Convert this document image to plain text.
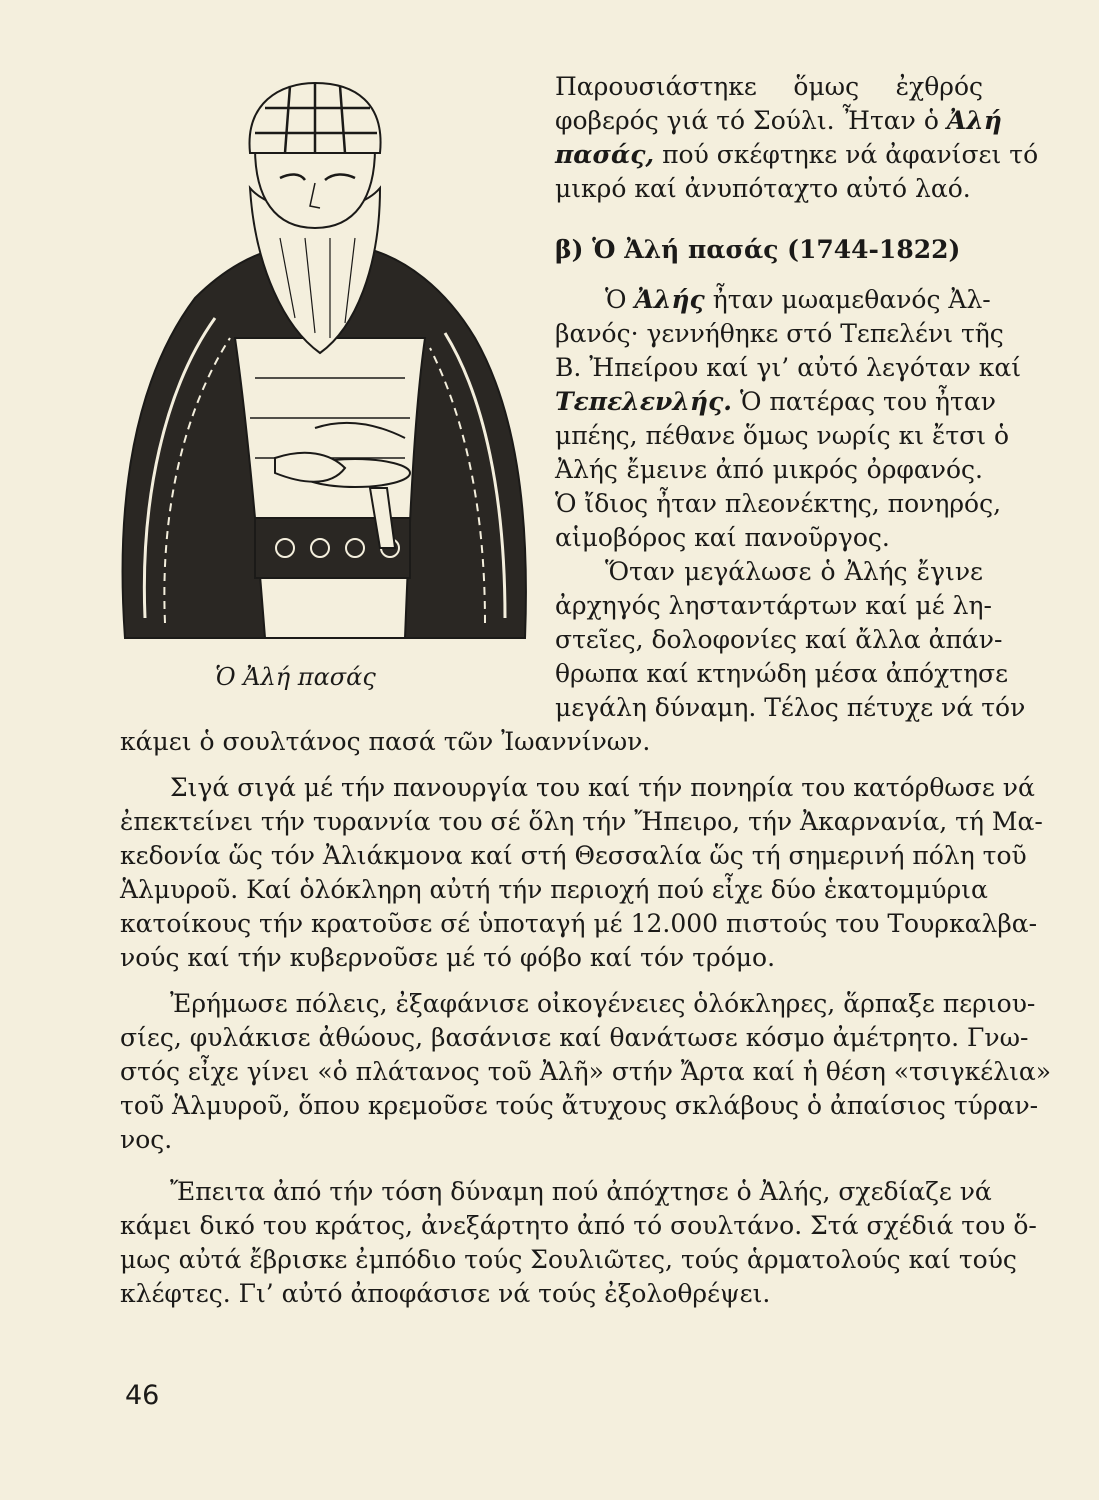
Ὁ Ἀλή πασάς

Παρουσιάστηκε ὅμως ἐχθρός

φοβερός γιά τό Σούλι. Ἦταν ὁ Ἀλή

πασάς, πού σκέφτηκε νά ἀφανίσει τό

μικρό καί ἀνυπόταχτο αὐτό λαό.

β) Ὁ Ἀλή πασάς (1744-1822)

Ὁ Ἀλής ἦταν μωαμεθανός Ἀλ-

βανός· γεννήθηκε στό Τεπελένι τῆς

Β. Ἠπείρου καί γι’ αὐτό λεγόταν καί

Τεπελενλής. Ὁ πατέρας του ἦταν

μπέης, πέθανε ὅμως νωρίς κι ἔτσι ὁ

Ἀλής ἔμεινε ἀπό μικρός ὀρφανός.

Ὁ ἴδιος ἦταν πλεονέκτης, πονηρός,

αἱμοβόρος καί πανοῦργος.

Ὅταν μεγάλωσε ὁ Ἀλής ἔγινε

ἀρχηγός λησταντάρτων καί μέ λη-

στεῖες, δολοφονίες καί ἄλλα ἀπάν-

θρωπα καί κτηνώδη μέσα ἀπόχτησε

μεγάλη δύναμη. Τέλος πέτυχε νά τόν

κάμει ὁ σουλτάνος πασά τῶν Ἰωαννίνων.

Σιγά σιγά μέ τήν πανουργία του καί τήν πονηρία του κατόρθωσε νά

ἐπεκτείνει τήν τυραννία του σέ ὅλη τήν Ἤπειρο, τήν Ἀκαρνανία, τή Μα-

κεδονία ὥς τόν Ἀλιάκμονα καί στή Θεσσαλία ὥς τή σημερινή πόλη τοῦ

Ἁλμυροῦ. Καί ὁλόκληρη αὐτή τήν περιοχή πού εἶχε δύο ἑκατομμύρια

κατοίκους τήν κρατοῦσε σέ ὑποταγή μέ 12.000 πιστούς του Τουρκαλβα-

νούς καί τήν κυβερνοῦσε μέ τό φόβο καί τόν τρόμο.

Ἐρήμωσε πόλεις, ἐξαφάνισε οἰκογένειες ὁλόκληρες, ἅρπαξε περιου-

σίες, φυλάκισε ἀθώους, βασάνισε καί θανάτωσε κόσμο ἀμέτρητο. Γνω-

στός εἶχε γίνει «ὁ πλάτανος τοῦ Ἀλῆ» στήν Ἄρτα καί ἡ θέση «τσιγκέλια»

τοῦ Ἁλμυροῦ, ὅπου κρεμοῦσε τούς ἄτυχους σκλάβους ὁ ἀπαίσιος τύραν-

νος.

Ἔπειτα ἀπό τήν τόση δύναμη πού ἀπόχτησε ὁ Ἀλής, σχεδίαζε νά

κάμει δικό του κράτος, ἀνεξάρτητο ἀπό τό σουλτάνο. Στά σχέδιά του ὅ-

μως αὐτά ἔβρισκε ἐμπόδιο τούς Σουλιῶτες, τούς ἁρματολούς καί τούς

κλέφτες. Γι’ αὐτό ἀποφάσισε νά τούς ἐξολοθρέψει.

46
